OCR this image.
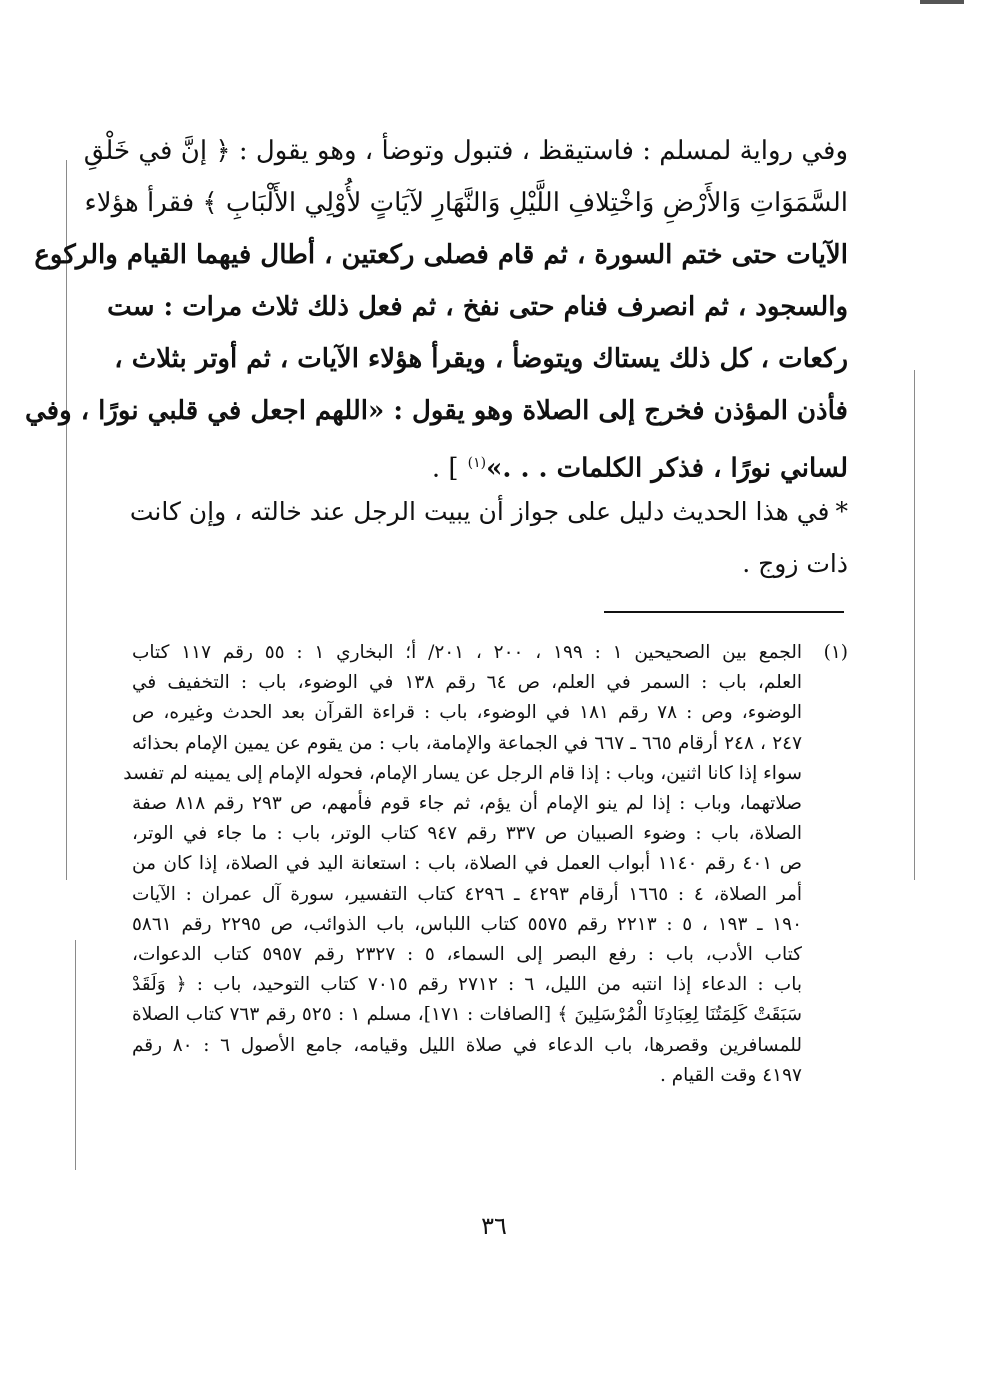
وفي رواية لمسلم : فاستيقظ ، فتبول وتوضأ ، وهو يقول : ﴿ إنَّ في خَلْقِ
السَّمَوَاتِ وَالأَرْضِ وَاخْتِلافِ اللَّيْلِ وَالنَّهَارِ لآيَاتٍ لأُوْلِي الأَلْبَابِ ﴾ فقرأ هؤلاء
الآيات حتى ختم السورة ، ثم قام فصلى ركعتين ، أطال فيهما القيام والركوع
والسجود ، ثم انصرف فنام حتى نفخ ، ثم فعل ذلك ثلاث مرات : ست
ركعات ، كل ذلك يستاك ويتوضأ ، ويقرأ هؤلاء الآيات ، ثم أوتر بثلاث ،
فأذن المؤذن فخرج إلى الصلاة وهو يقول : «اللهم اجعل في قلبي نورًا ، وفي
لساني نورًا ، فذكر الكلمات . . .»$^{(١)}$ ] .
*في هذا الحديث دليل على جواز أن يبيت الرجل عند خالته ، وإن كانت
ذات زوج .
(١)الجمع بين الصحيحين ١ : ١٩٩ ، ٢٠٠ ، ٢٠١/ أ؛ البخاري ١ : ٥٥ رقم ١١٧ كتاب
العلم، باب : السمر في العلم، ص ٦٤ رقم ١٣٨ في الوضوء، باب : التخفيف في
الوضوء، وص : ٧٨ رقم ١٨١ في الوضوء، باب : قراءة القرآن بعد الحدث وغيره، ص
٢٤٧ ، ٢٤٨ أرقام ٦٦٥ ـ ٦٦٧ في الجماعة والإمامة، باب : من يقوم عن يمين الإمام بحذائه
سواء إذا كانا اثنين، وباب : إذا قام الرجل عن يسار الإمام، فحوله الإمام إلى يمينه لم تفسد
صلاتهما، وباب : إذا لم ينو الإمام أن يؤم، ثم جاء قوم فأمهم، ص ٢٩٣ رقم ٨١٨ صفة
الصلاة، باب : وضوء الصبيان ص ٣٣٧ رقم ٩٤٧ كتاب الوتر، باب : ما جاء في الوتر،
ص ٤٠١ رقم ١١٤٠ أبواب العمل في الصلاة، باب : استعانة اليد في الصلاة، إذا كان من
أمر الصلاة، ٤ : ١٦٦٥ أرقام ٤٢٩٣ ـ ٤٢٩٦ كتاب التفسير، سورة آل عمران : الآيات
١٩٠ ـ ١٩٣ ، ٥ : ٢٢١٣ رقم ٥٥٧٥ كتاب اللباس، باب الذوائب، ص ٢٢٩٥ رقم ٥٨٦١
كتاب الأدب، باب : رفع البصر إلى السماء، ٥ : ٢٣٢٧ رقم ٥٩٥٧ كتاب الدعوات،
باب : الدعاء إذا انتبه من الليل، ٦ : ٢٧١٢ رقم ٧٠١٥ كتاب التوحيد، باب : ﴿ وَلَقَدْ
سَبَقَتْ كَلِمَتُنَا لِعِبَادِنَا الْمُرْسَلِينَ ﴾ [الصافات : ١٧١]، مسلم ١ : ٥٢٥ رقم ٧٦٣ كتاب الصلاة
للمسافرين وقصرها، باب الدعاء في صلاة الليل وقيامه، جامع الأصول ٦ : ٨٠ رقم
٤١٩٧ وقت القيام .
٣٦
